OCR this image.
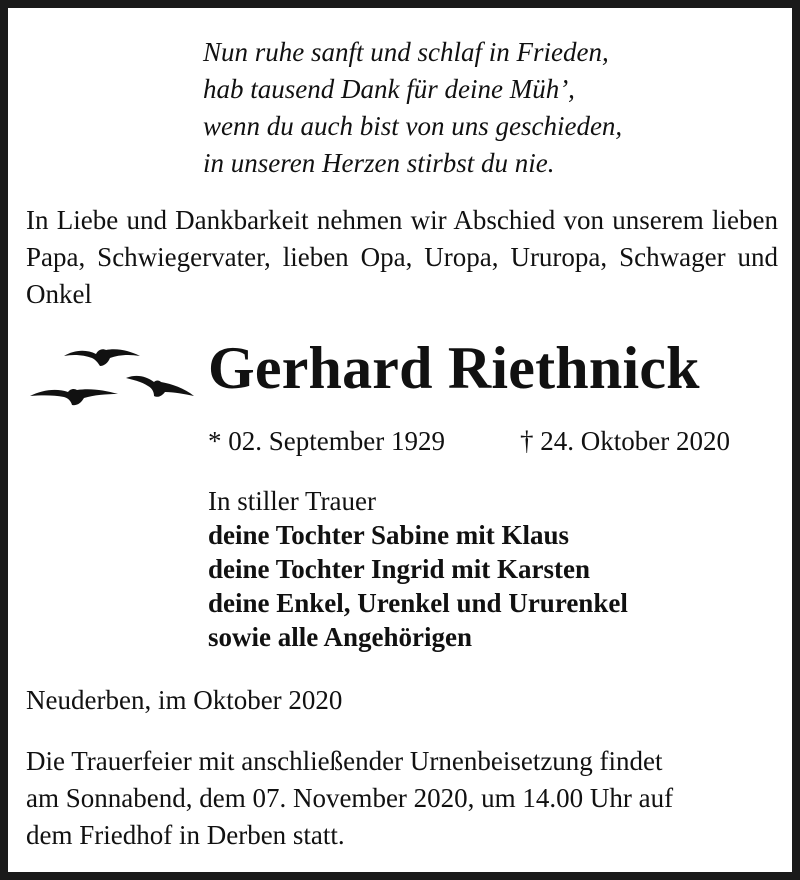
Nun ruhe sanft und schlaf in Frieden,
hab tausend Dank für deine Müh’,
wenn du auch bist von uns geschieden,
in unseren Herzen stirbst du nie.
In Liebe und Dankbarkeit nehmen wir Abschied von unserem lieben Papa, Schwiegervater, lieben Opa, Uropa, Ururopa, Schwager und Onkel
Gerhard Riethnick
* 02. September 1929	† 24. Oktober 2020
In stiller Trauer
deine Tochter Sabine mit Klaus
deine Tochter Ingrid mit Karsten
deine Enkel, Urenkel und Ururenkel
sowie alle Angehörigen
Neuderben, im Oktober 2020
Die Trauerfeier mit anschließender Urnenbeisetzung findet
am Sonnabend, dem 07. November 2020, um 14.00 Uhr auf
dem Friedhof in Derben statt.
